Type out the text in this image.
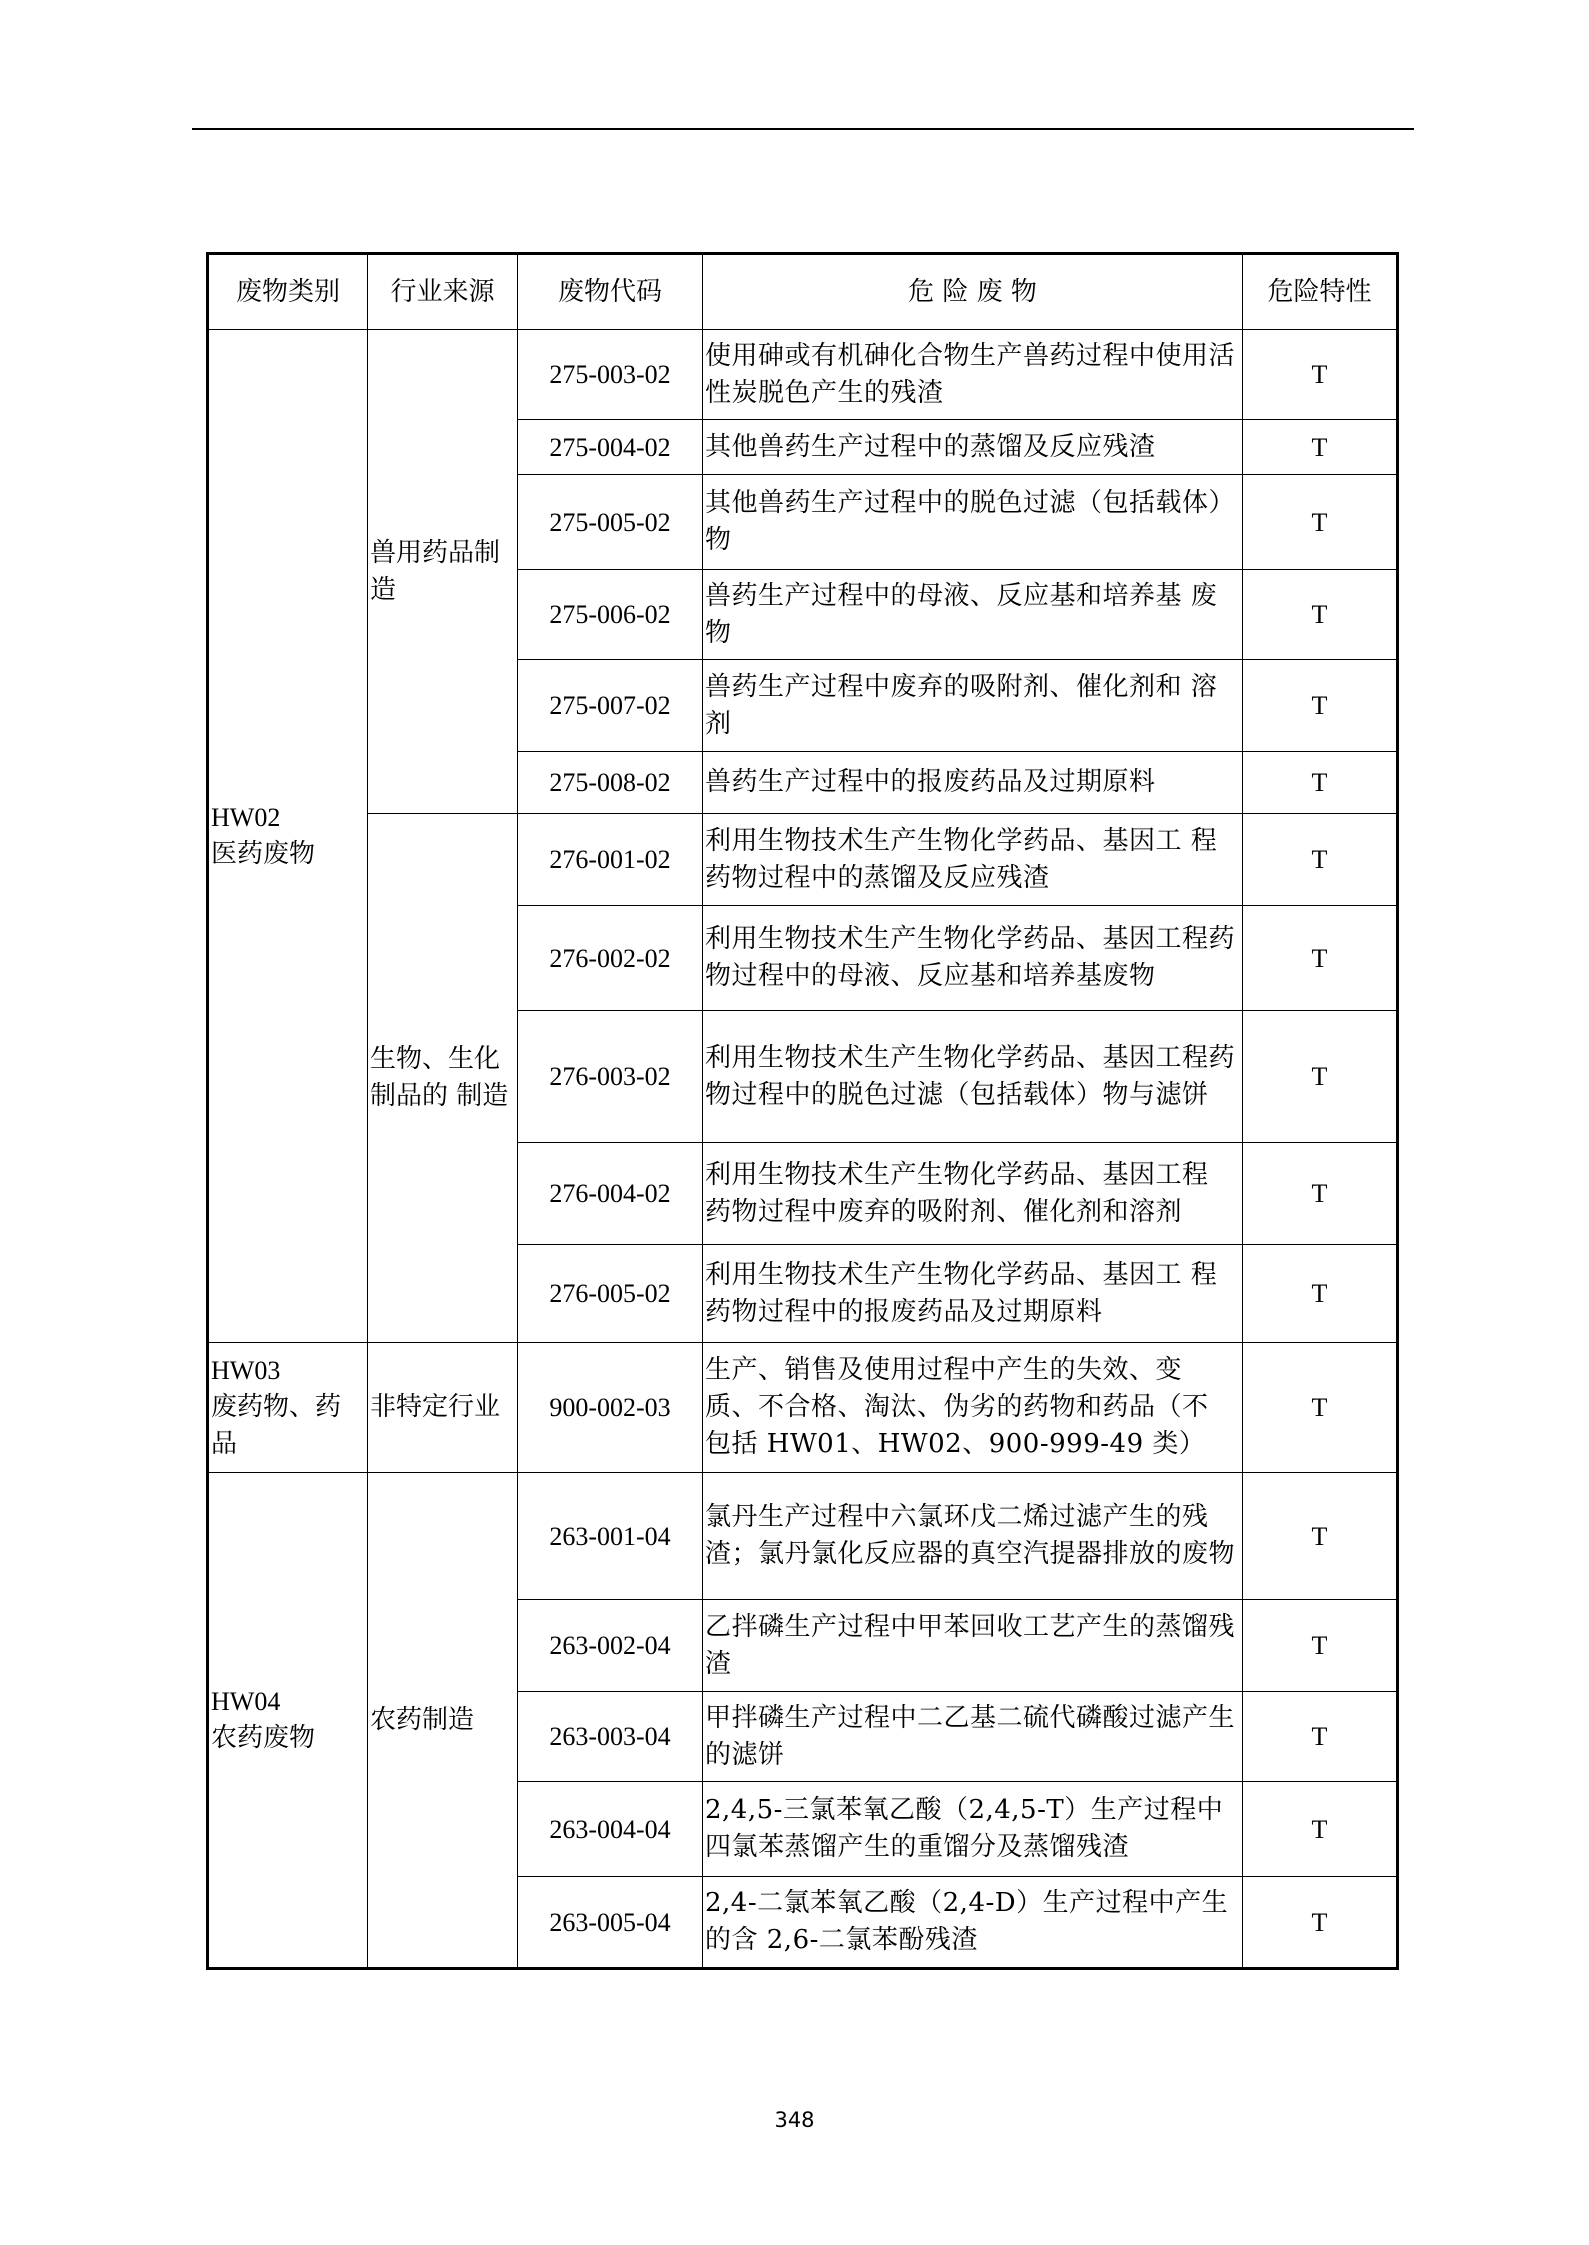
废物类别	行业来源	废物代码	危 险 废 物	危险特性

HW02
医药废物	兽用药品制造	275-003-02	使用砷或有机砷化合物生产兽药过程中使用活性炭脱色产生的残渣	T
		275-004-02	其他兽药生产过程中的蒸馏及反应残渣	T
		275-005-02	其他兽药生产过程中的脱色过滤（包括载体）物	T
		275-006-02	兽药生产过程中的母液、反应基和培养基 废物	T
		275-007-02	兽药生产过程中废弃的吸附剂、催化剂和 溶剂	T
		275-008-02	兽药生产过程中的报废药品及过期原料	T
	生物、生化制品的 制造	276-001-02	利用生物技术生产生物化学药品、基因工 程药物过程中的蒸馏及反应残渣	T
		276-002-02	利用生物技术生产生物化学药品、基因工程药物过程中的母液、反应基和培养基废物	T
		276-003-02	利用生物技术生产生物化学药品、基因工程药物过程中的脱色过滤（包括载体）物与滤饼	T
		276-004-02	利用生物技术生产生物化学药品、基因工程 药物过程中废弃的吸附剂、催化剂和溶剂	T
		276-005-02	利用生物技术生产生物化学药品、基因工 程药物过程中的报废药品及过期原料	T

HW03
废药物、药品	非特定行业	900-002-03	生产、销售及使用过程中产生的失效、变 质、不合格、淘汰、伪劣的药物和药品（不 包括 HW01、HW02、900-999-49 类）	T

HW04
农药废物	农药制造	263-001-04	氯丹生产过程中六氯环戊二烯过滤产生的残渣；氯丹氯化反应器的真空汽提器排放的废物	T
		263-002-04	乙拌磷生产过程中甲苯回收工艺产生的蒸馏残渣	T
		263-003-04	甲拌磷生产过程中二乙基二硫代磷酸过滤产生的滤饼	T
		263-004-04	2,4,5-三氯苯氧乙酸（2,4,5-T）生产过程中四氯苯蒸馏产生的重馏分及蒸馏残渣	T
		263-005-04	2,4-二氯苯氧乙酸（2,4-D）生产过程中产生的含 2,6-二氯苯酚残渣	T
348
